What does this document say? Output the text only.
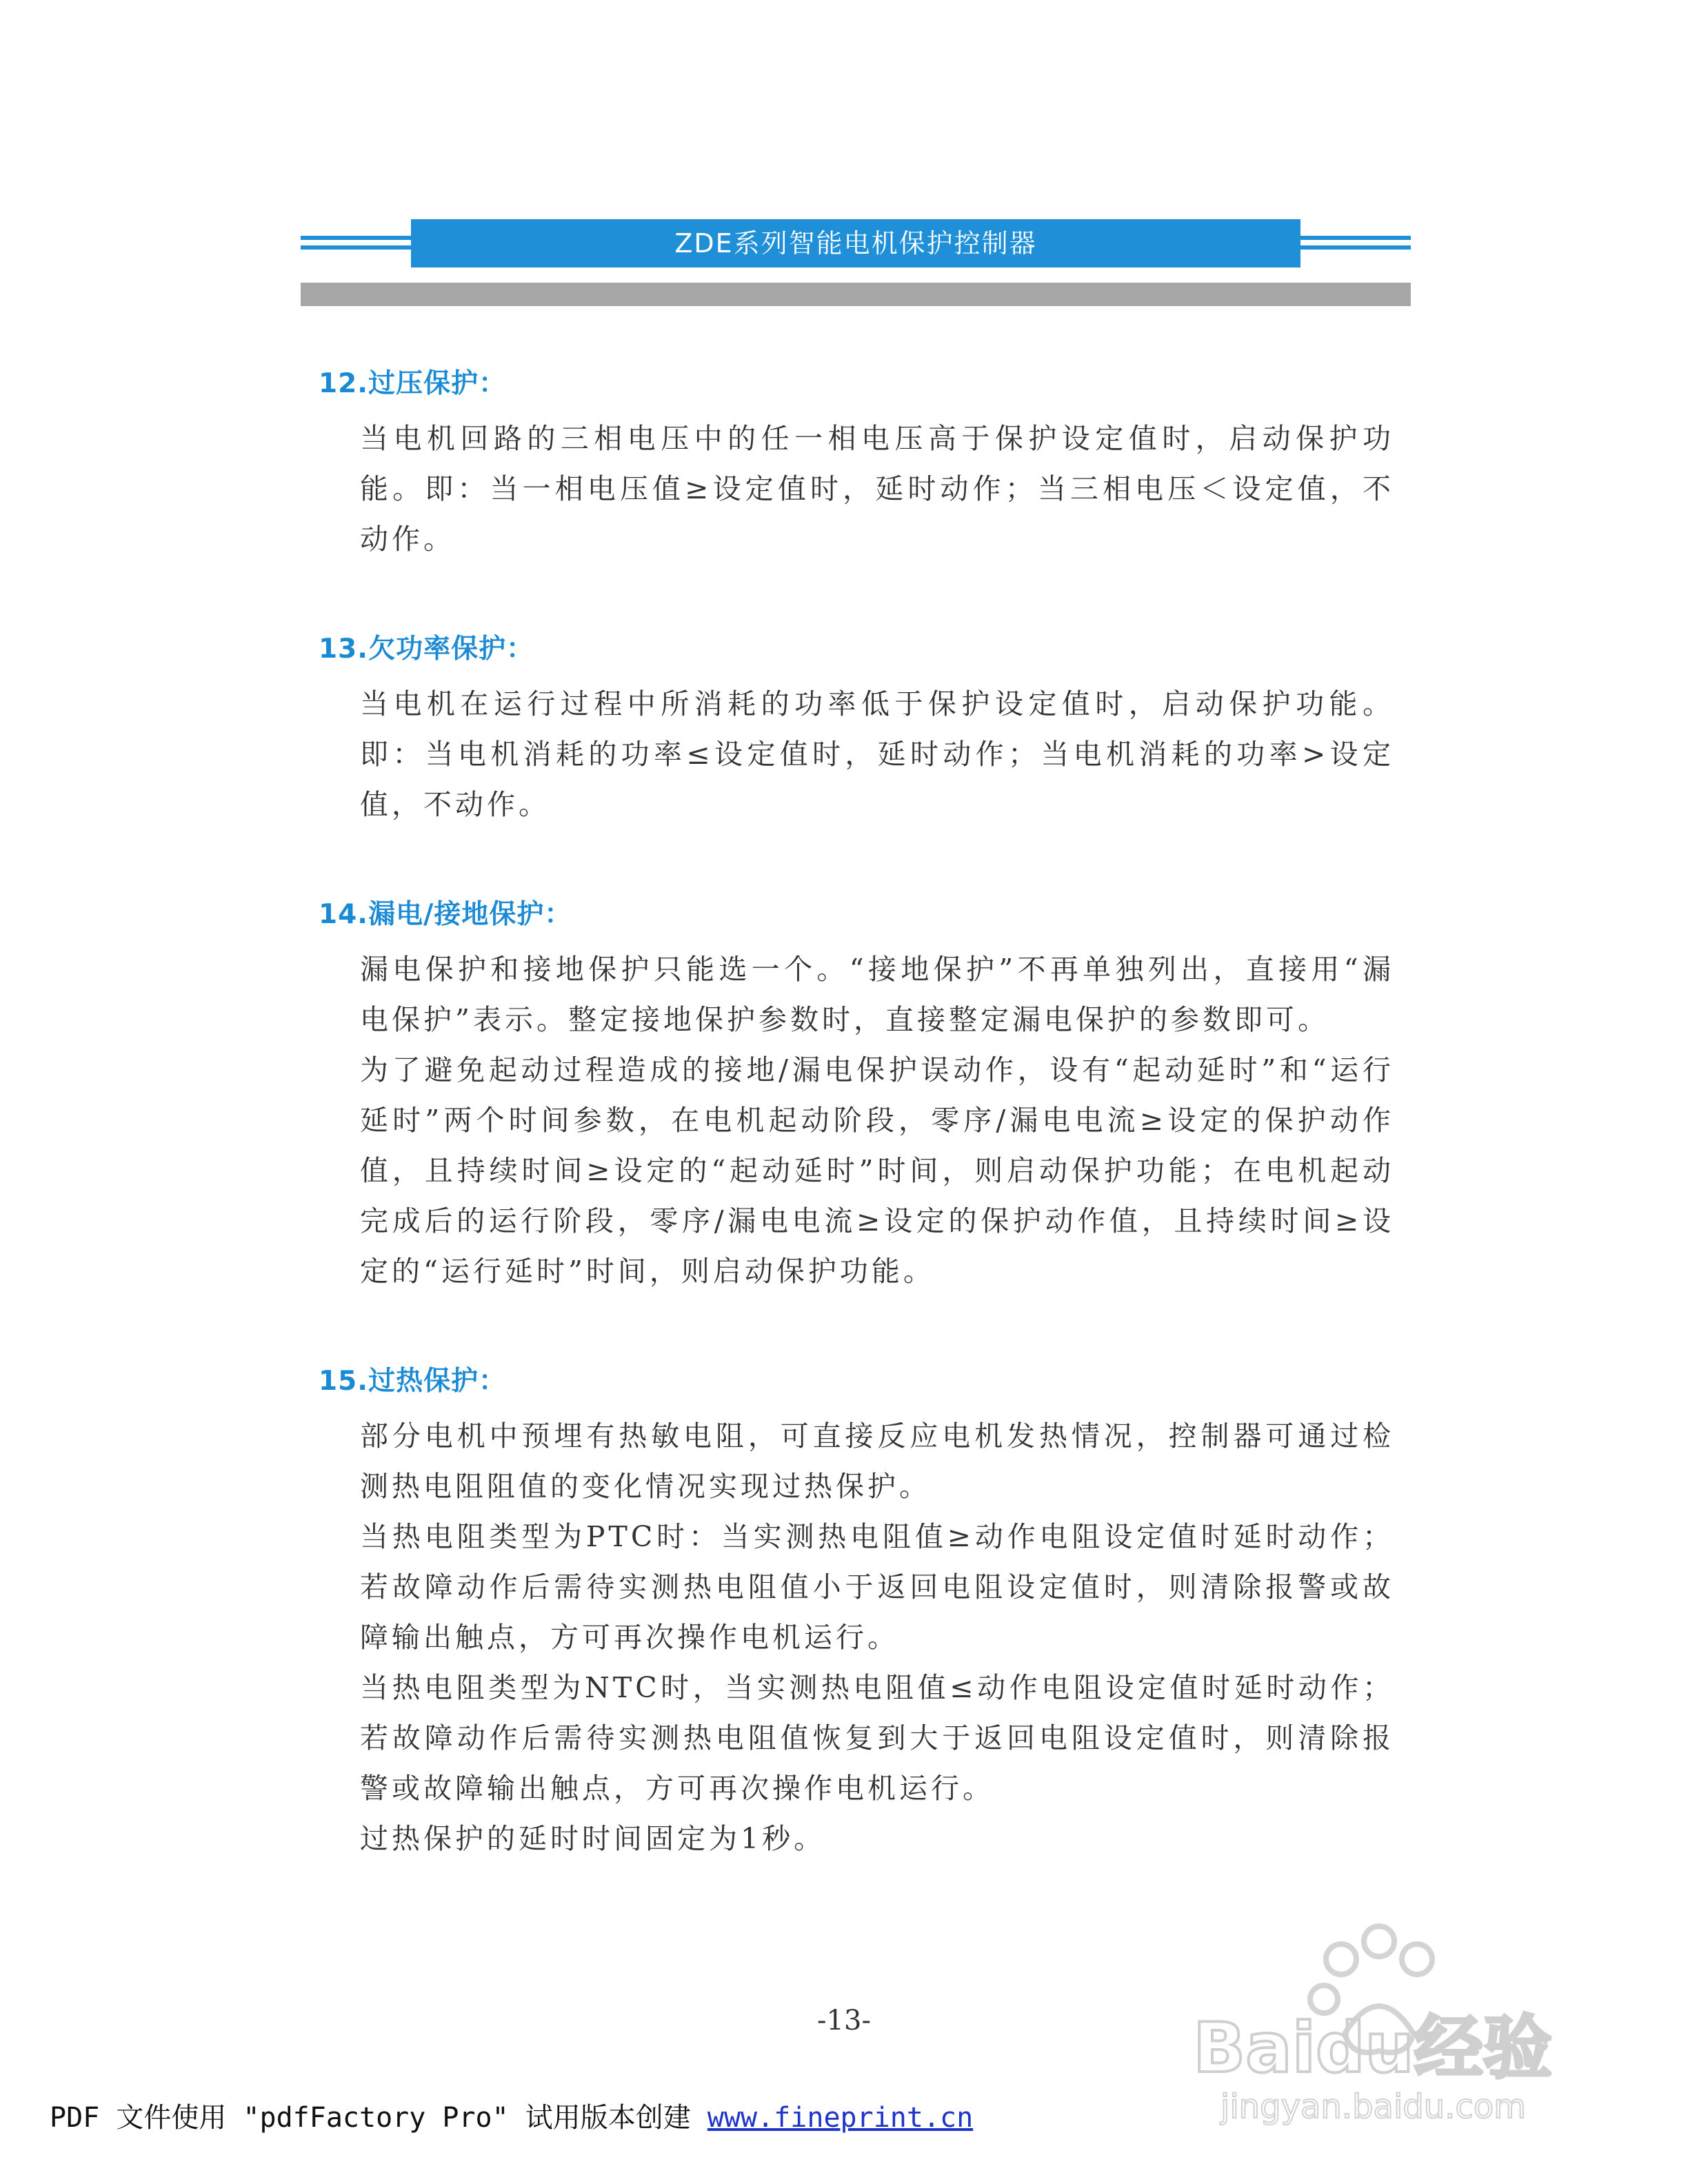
ZDE系列智能电机保护控制器

12.过压保护：

当电机回路的三相电压中的任一相电压高于保护设定值时，启动保护功能。即：当一相电压值≥设定值时，延时动作；当三相电压＜设定值，不动作。

13.欠功率保护：

当电机在运行过程中所消耗的功率低于保护设定值时，启动保护功能。即：当电机消耗的功率≤设定值时，延时动作；当电机消耗的功率>设定值，不动作。

14.漏电/接地保护：

漏电保护和接地保护只能选一个。“接地保护”不再单独列出，直接用“漏电保护”表示。整定接地保护参数时，直接整定漏电保护的参数即可。

为了避免起动过程造成的接地/漏电保护误动作，设有“起动延时”和“运行延时”两个时间参数，在电机起动阶段，零序/漏电电流≥设定的保护动作值，且持续时间≥设定的“起动延时”时间，则启动保护功能；在电机起动完成后的运行阶段，零序/漏电电流≥设定的保护动作值，且持续时间≥设定的“运行延时”时间，则启动保护功能。

15.过热保护：

部分电机中预埋有热敏电阻，可直接反应电机发热情况，控制器可通过检测热电阻阻值的变化情况实现过热保护。

当热电阻类型为PTC时：当实测热电阻值≥动作电阻设定值时延时动作；若故障动作后需待实测热电阻值小于返回电阻设定值时，则清除报警或故障输出触点，方可再次操作电机运行。

当热电阻类型为NTC时，当实测热电阻值≤动作电阻设定值时延时动作；若故障动作后需待实测热电阻值恢复到大于返回电阻设定值时，则清除报警或故障输出触点，方可再次操作电机运行。

过热保护的延时时间固定为1秒。

-13-
PDF 文件使用 "pdfFactory Pro" 试用版本创建 www.fineprint.cn
Baidu经验
jingyan.baidu.com
